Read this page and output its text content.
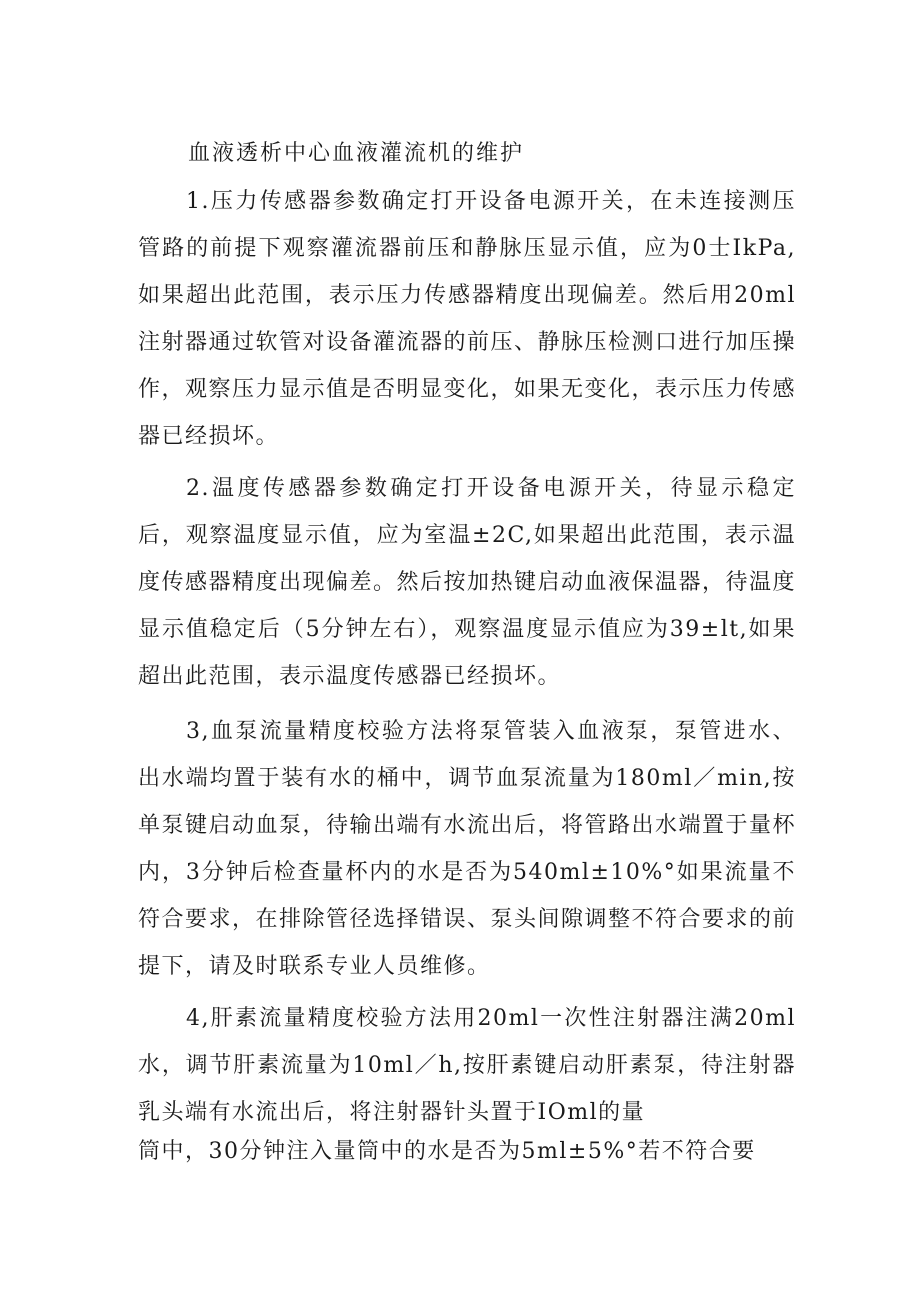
血液透析中心血液灌流机的维护

1.压力传感器参数确定打开设备电源开关，在未连接测压管路的前提下观察灌流器前压和静脉压显示值，应为0士IkPa,如果超出此范围，表示压力传感器精度出现偏差。然后用20ml注射器通过软管对设备灌流器的前压、静脉压检测口进行加压操作，观察压力显示值是否明显变化，如果无变化，表示压力传感器已经损坏。

2.温度传感器参数确定打开设备电源开关，待显示稳定后，观察温度显示值，应为室温±2C,如果超出此范围，表示温度传感器精度出现偏差。然后按加热键启动血液保温器，待温度显示值稳定后（5分钟左右），观察温度显示值应为39±lt,如果超出此范围，表示温度传感器已经损坏。

3,血泵流量精度校验方法将泵管装入血液泵，泵管进水、出水端均置于装有水的桶中，调节血泵流量为180ml／min,按单泵键启动血泵，待输出端有水流出后，将管路出水端置于量杯内，3分钟后检查量杯内的水是否为540ml±10%°如果流量不符合要求，在排除管径选择错误、泵头间隙调整不符合要求的前提下，请及时联系专业人员维修。

4,肝素流量精度校验方法用20ml一次性注射器注满20ml水，调节肝素流量为10ml／h,按肝素键启动肝素泵，待注射器乳头端有水流出后，将注射器针头置于IOml的量

筒中，30分钟注入量筒中的水是否为5ml±5%°若不符合要
